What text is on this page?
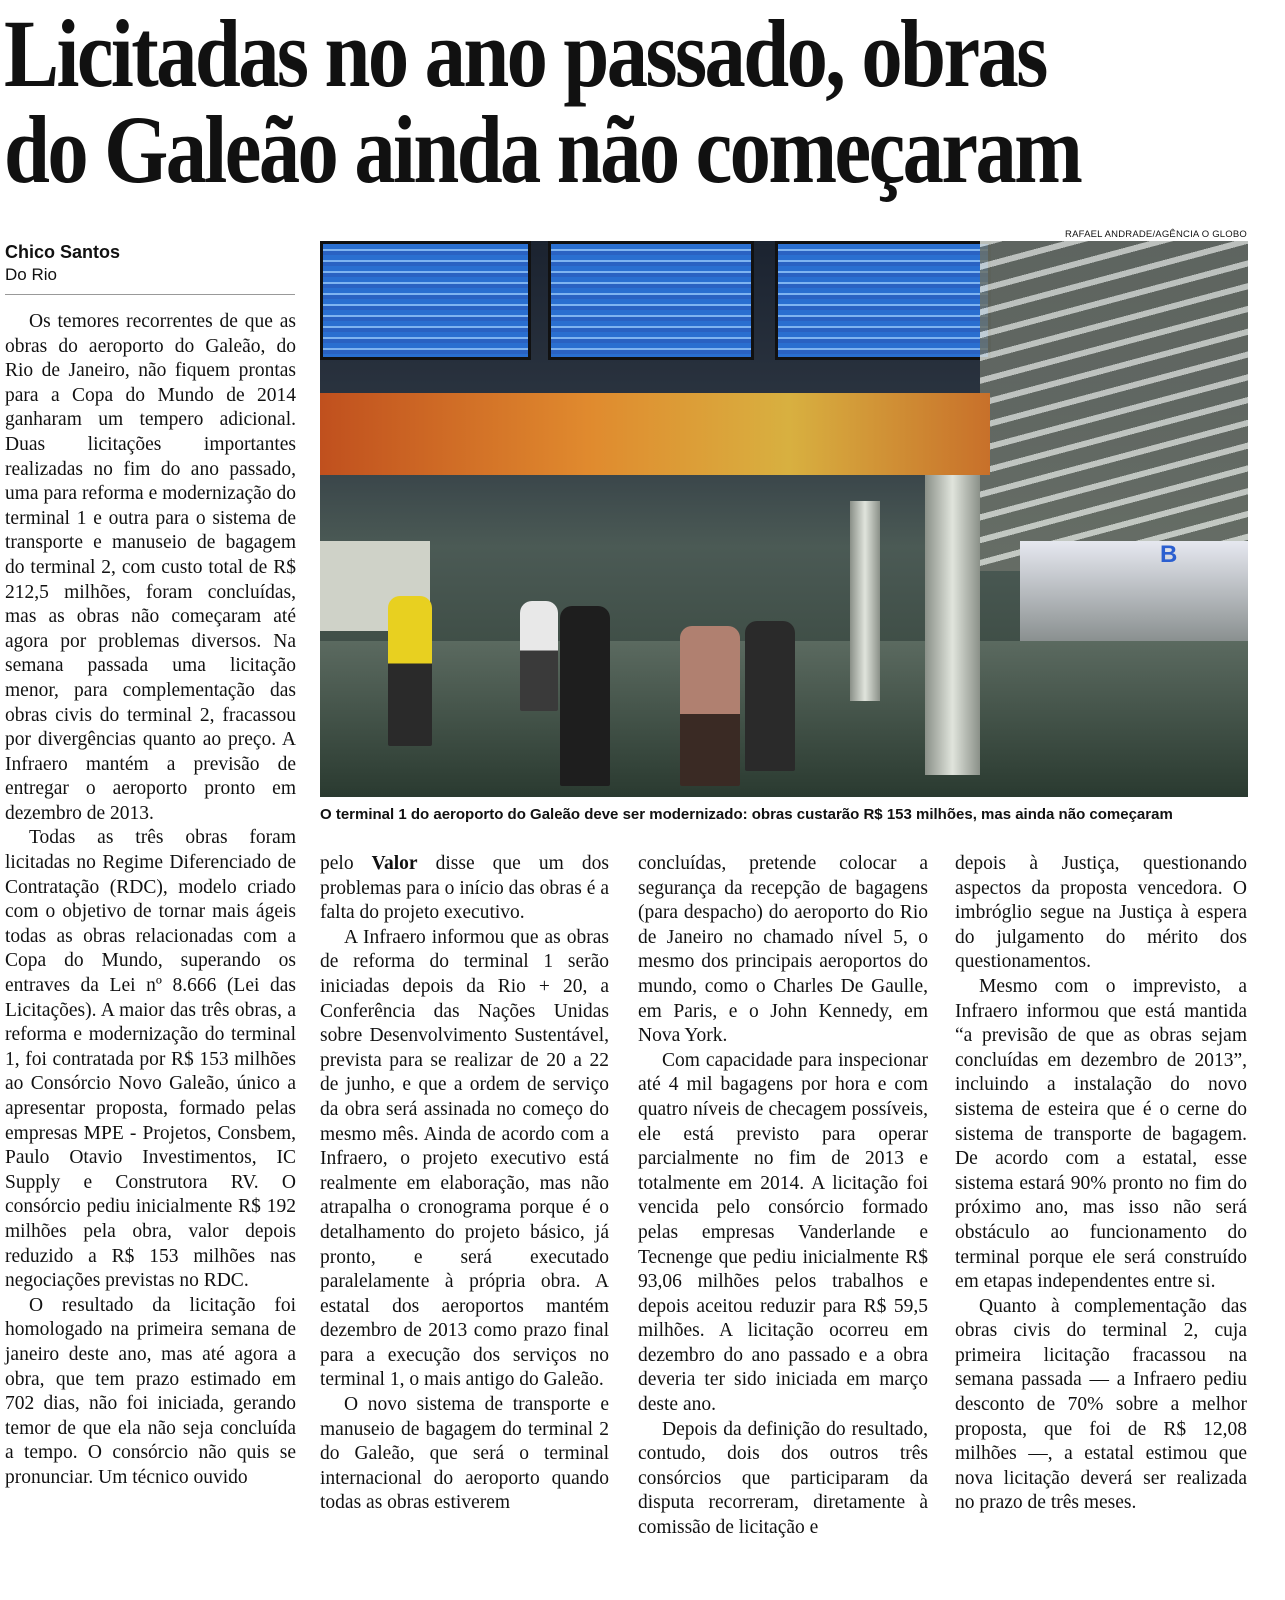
Licitadas no ano passado, obras
do Galeão ainda não começaram
Chico Santos
Do Rio
RAFAEL ANDRADE/AGÊNCIA O GLOBO
B
O terminal 1 do aeroporto do Galeão deve ser modernizado: obras custarão R$ 153 milhões, mas ainda não começaram

Os temores recorrentes de que as obras do aeroporto do Galeão, do Rio de Janeiro, não fiquem prontas para a Copa do Mundo de 2014 ganharam um tempero adicional. Duas licitações importantes realizadas no fim do ano passado, uma para reforma e modernização do terminal 1 e outra para o sistema de transporte e manuseio de bagagem do terminal 2, com custo total de R$ 212,5 milhões, foram concluídas, mas as obras não começaram até agora por problemas diversos. Na semana passada uma licitação menor, para complementação das obras civis do terminal 2, fracassou por divergências quanto ao preço. A Infraero mantém a previsão de entregar o aeroporto pronto em dezembro de 2013.

Todas as três obras foram licitadas no Regime Diferenciado de Contratação (RDC), modelo criado com o objetivo de tornar mais ágeis todas as obras relacionadas com a Copa do Mundo, superando os entraves da Lei nº 8.666 (Lei das Licitações). A maior das três obras, a reforma e modernização do terminal 1, foi contratada por R$ 153 milhões ao Consórcio Novo Galeão, único a apresentar proposta, formado pelas empresas MPE - Projetos, Consbem, Paulo Otavio Investimentos, IC Supply e Construtora RV. O consórcio pediu inicialmente R$ 192 milhões pela obra, valor depois reduzido a R$ 153 milhões nas negociações previstas no RDC.

O resultado da licitação foi homologado na primeira semana de janeiro deste ano, mas até agora a obra, que tem prazo estimado em 702 dias, não foi iniciada, gerando temor de que ela não seja concluída a tempo. O consórcio não quis se pronunciar. Um técnico ouvido

pelo Valor disse que um dos problemas para o início das obras é a falta do projeto executivo.

A Infraero informou que as obras de reforma do terminal 1 serão iniciadas depois da Rio + 20, a Conferência das Nações Unidas sobre Desenvolvimento Sustentável, prevista para se realizar de 20 a 22 de junho, e que a ordem de serviço da obra será assinada no começo do mesmo mês. Ainda de acordo com a Infraero, o projeto executivo está realmente em elaboração, mas não atrapalha o cronograma porque é o detalhamento do projeto básico, já pronto, e será executado paralelamente à própria obra. A estatal dos aeroportos mantém dezembro de 2013 como prazo final para a execução dos serviços no terminal 1, o mais antigo do Galeão.

O novo sistema de transporte e manuseio de bagagem do terminal 2 do Galeão, que será o terminal internacional do aeroporto quando todas as obras estiverem

concluídas, pretende colocar a segurança da recepção de bagagens (para despacho) do aeroporto do Rio de Janeiro no chamado nível 5, o mesmo dos principais aeroportos do mundo, como o Charles De Gaulle, em Paris, e o John Kennedy, em Nova York.

Com capacidade para inspecionar até 4 mil bagagens por hora e com quatro níveis de checagem possíveis, ele está previsto para operar parcialmente no fim de 2013 e totalmente em 2014. A licitação foi vencida pelo consórcio formado pelas empresas Vanderlande e Tecnenge que pediu inicialmente R$ 93,06 milhões pelos trabalhos e depois aceitou reduzir para R$ 59,5 milhões. A licitação ocorreu em dezembro do ano passado e a obra deveria ter sido iniciada em março deste ano.

Depois da definição do resultado, contudo, dois dos outros três consórcios que participaram da disputa recorreram, diretamente à comissão de licitação e

depois à Justiça, questionando aspectos da proposta vencedora. O imbróglio segue na Justiça à espera do julgamento do mérito dos questionamentos.

Mesmo com o imprevisto, a Infraero informou que está mantida “a previsão de que as obras sejam concluídas em dezembro de 2013”, incluindo a instalação do novo sistema de esteira que é o cerne do sistema de transporte de bagagem. De acordo com a estatal, esse sistema estará 90% pronto no fim do próximo ano, mas isso não será obstáculo ao funcionamento do terminal porque ele será construído em etapas independentes entre si.

Quanto à complementação das obras civis do terminal 2, cuja primeira licitação fracassou na semana passada — a Infraero pediu desconto de 70% sobre a melhor proposta, que foi de R$ 12,08 milhões —, a estatal estimou que nova licitação deverá ser realizada no prazo de três meses.
